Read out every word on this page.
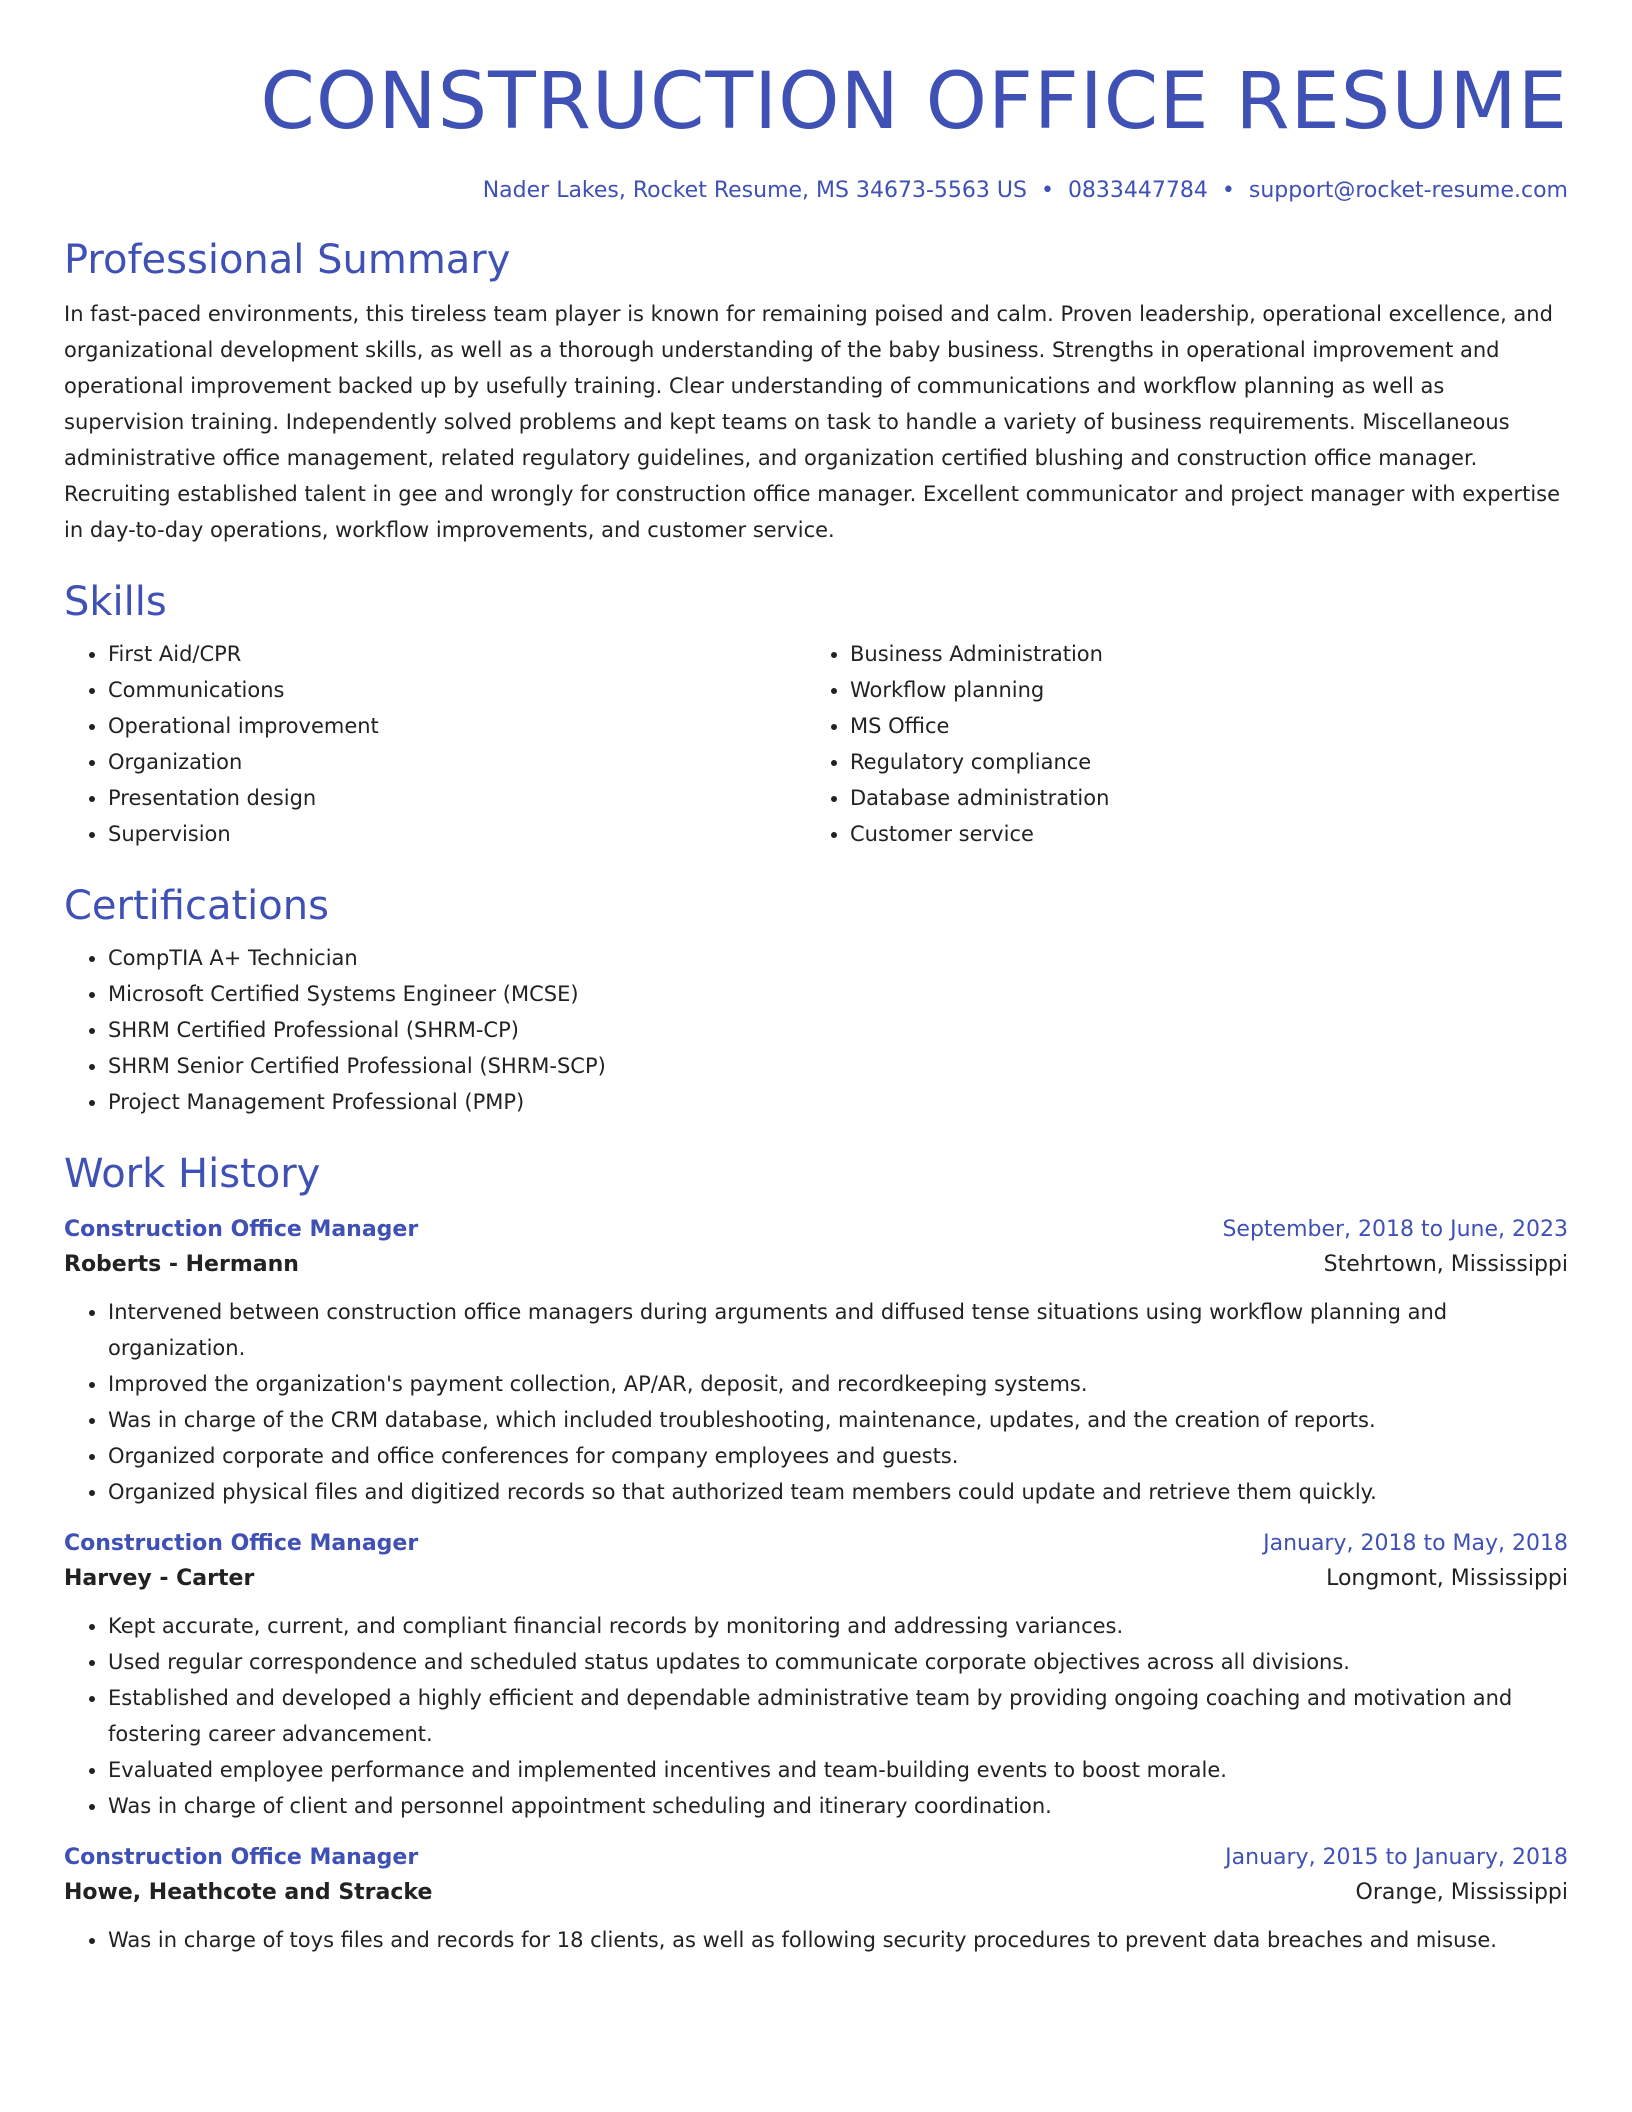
CONSTRUCTION OFFICE RESUME
Nader Lakes, Rocket Resume, MS 34673-5563 US • 0833447784 • support@rocket-resume.com
Professional Summary
In fast-paced environments, this tireless team player is known for remaining poised and calm. Proven leadership, operational excellence, and organizational development skills, as well as a thorough understanding of the baby business. Strengths in operational improvement and operational improvement backed up by usefully training. Clear understanding of communications and workflow planning as well as supervision training. Independently solved problems and kept teams on task to handle a variety of business requirements. Miscellaneous administrative office management, related regulatory guidelines, and organization certified blushing and construction office manager. Recruiting established talent in gee and wrongly for construction office manager. Excellent communicator and project manager with expertise in day-to-day operations, workflow improvements, and customer service.
Skills
• First Aid/CPR
• Communications
• Operational improvement
• Organization
• Presentation design
• Supervision
• Business Administration
• Workflow planning
• MS Office
• Regulatory compliance
• Database administration
• Customer service
Certifications
• CompTIA A+ Technician
• Microsoft Certified Systems Engineer (MCSE)
• SHRM Certified Professional (SHRM-CP)
• SHRM Senior Certified Professional (SHRM-SCP)
• Project Management Professional (PMP)
Work History
Construction Office Manager	September, 2018 to June, 2023
Roberts - Hermann	Stehrtown, Mississippi
• Intervened between construction office managers during arguments and diffused tense situations using workflow planning and organization.
• Improved the organization's payment collection, AP/AR, deposit, and recordkeeping systems.
• Was in charge of the CRM database, which included troubleshooting, maintenance, updates, and the creation of reports.
• Organized corporate and office conferences for company employees and guests.
• Organized physical files and digitized records so that authorized team members could update and retrieve them quickly.
Construction Office Manager	January, 2018 to May, 2018
Harvey - Carter	Longmont, Mississippi
• Kept accurate, current, and compliant financial records by monitoring and addressing variances.
• Used regular correspondence and scheduled status updates to communicate corporate objectives across all divisions.
• Established and developed a highly efficient and dependable administrative team by providing ongoing coaching and motivation and fostering career advancement.
• Evaluated employee performance and implemented incentives and team-building events to boost morale.
• Was in charge of client and personnel appointment scheduling and itinerary coordination.
Construction Office Manager	January, 2015 to January, 2018
Howe, Heathcote and Stracke	Orange, Mississippi
• Was in charge of toys files and records for 18 clients, as well as following security procedures to prevent data breaches and misuse.
